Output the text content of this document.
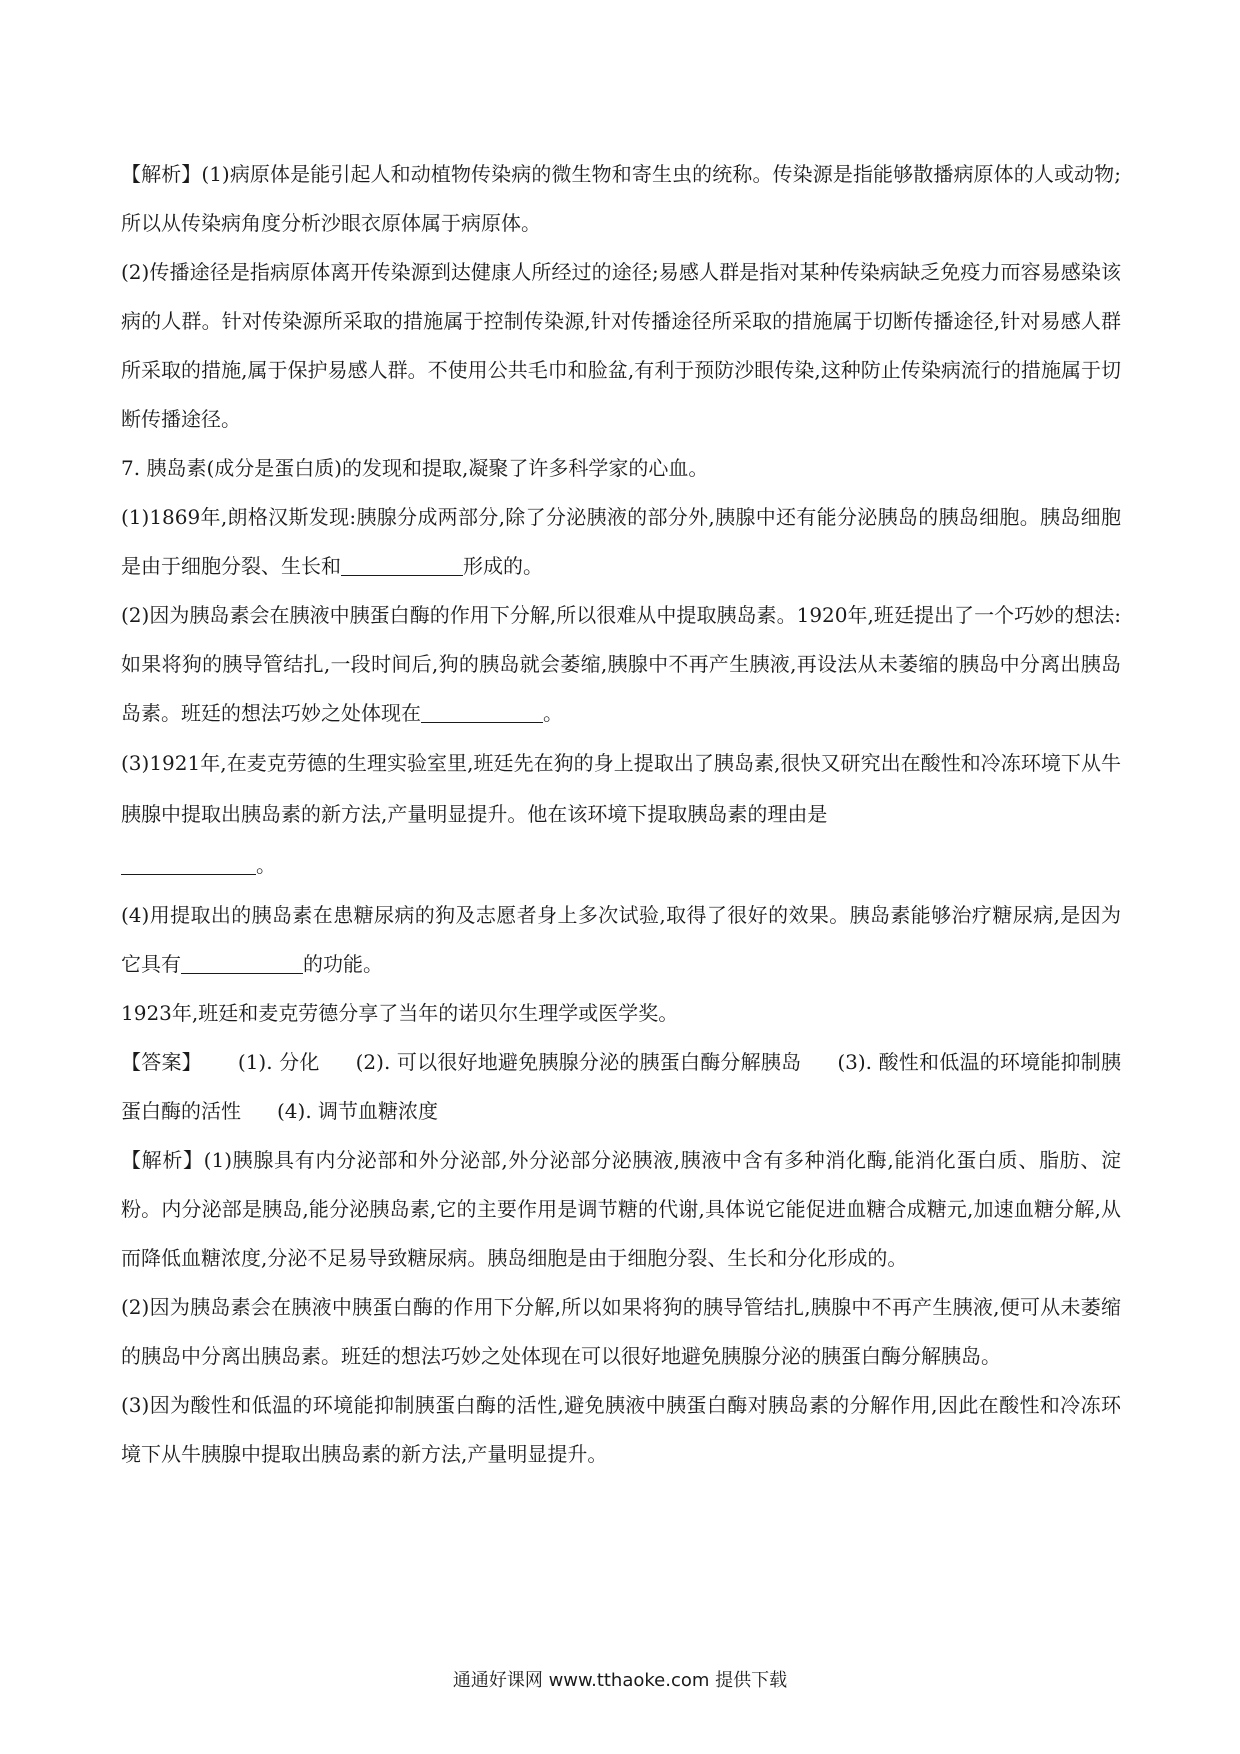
【解析】(1)病原体是能引起人和动植物传染病的微生物和寄生虫的统称。传染源是指能够散播病原体的人或动物;所以从传染病角度分析沙眼衣原体属于病原体。

(2)传播途径是指病原体离开传染源到达健康人所经过的途径;易感人群是指对某种传染病缺乏免疫力而容易感染该病的人群。针对传染源所采取的措施属于控制传染源,针对传播途径所采取的措施属于切断传播途径,针对易感人群所采取的措施,属于保护易感人群。不使用公共毛巾和脸盆,有利于预防沙眼传染,这种防止传染病流行的措施属于切断传播途径。

7. 胰岛素(成分是蛋白质)的发现和提取,凝聚了许多科学家的心血。

(1)1869年,朗格汉斯发现:胰腺分成两部分,除了分泌胰液的部分外,胰腺中还有能分泌胰岛的胰岛细胞。胰岛细胞是由于细胞分裂、生长和	形成的。

(2)因为胰岛素会在胰液中胰蛋白酶的作用下分解,所以很难从中提取胰岛素。1920年,班廷提出了一个巧妙的想法:如果将狗的胰导管结扎,一段时间后,狗的胰岛就会萎缩,胰腺中不再产生胰液,再设法从未萎缩的胰岛中分离出胰岛岛素。班廷的想法巧妙之处体现在	。

(3)1921年,在麦克劳德的生理实验室里,班廷先在狗的身上提取出了胰岛素,很快又研究出在酸性和冷冻环境下从牛胰腺中提取出胰岛素的新方法,产量明显提升。他在该环境下提取胰岛素的理由是
。

(4)用提取出的胰岛素在患糖尿病的狗及志愿者身上多次试验,取得了很好的效果。胰岛素能够治疗糖尿病,是因为它具有	的功能。

1923年,班廷和麦克劳德分享了当年的诺贝尔生理学或医学奖。

【答案】 (1). 分化 (2). 可以很好地避免胰腺分泌的胰蛋白酶分解胰岛 (3). 酸性和低温的环境能抑制胰蛋白酶的活性 (4). 调节血糖浓度

【解析】(1)胰腺具有内分泌部和外分泌部,外分泌部分泌胰液,胰液中含有多种消化酶,能消化蛋白质、脂肪、淀粉。内分泌部是胰岛,能分泌胰岛素,它的主要作用是调节糖的代谢,具体说它能促进血糖合成糖元,加速血糖分解,从而降低血糖浓度,分泌不足易导致糖尿病。胰岛细胞是由于细胞分裂、生长和分化形成的。

(2)因为胰岛素会在胰液中胰蛋白酶的作用下分解,所以如果将狗的胰导管结扎,胰腺中不再产生胰液,便可从未萎缩的胰岛中分离出胰岛素。班廷的想法巧妙之处体现在可以很好地避免胰腺分泌的胰蛋白酶分解胰岛。

(3)因为酸性和低温的环境能抑制胰蛋白酶的活性,避免胰液中胰蛋白酶对胰岛素的分解作用,因此在酸性和冷冻环境下从牛胰腺中提取出胰岛素的新方法,产量明显提升。

通通好课网 www.tthaoke.com 提供下载
